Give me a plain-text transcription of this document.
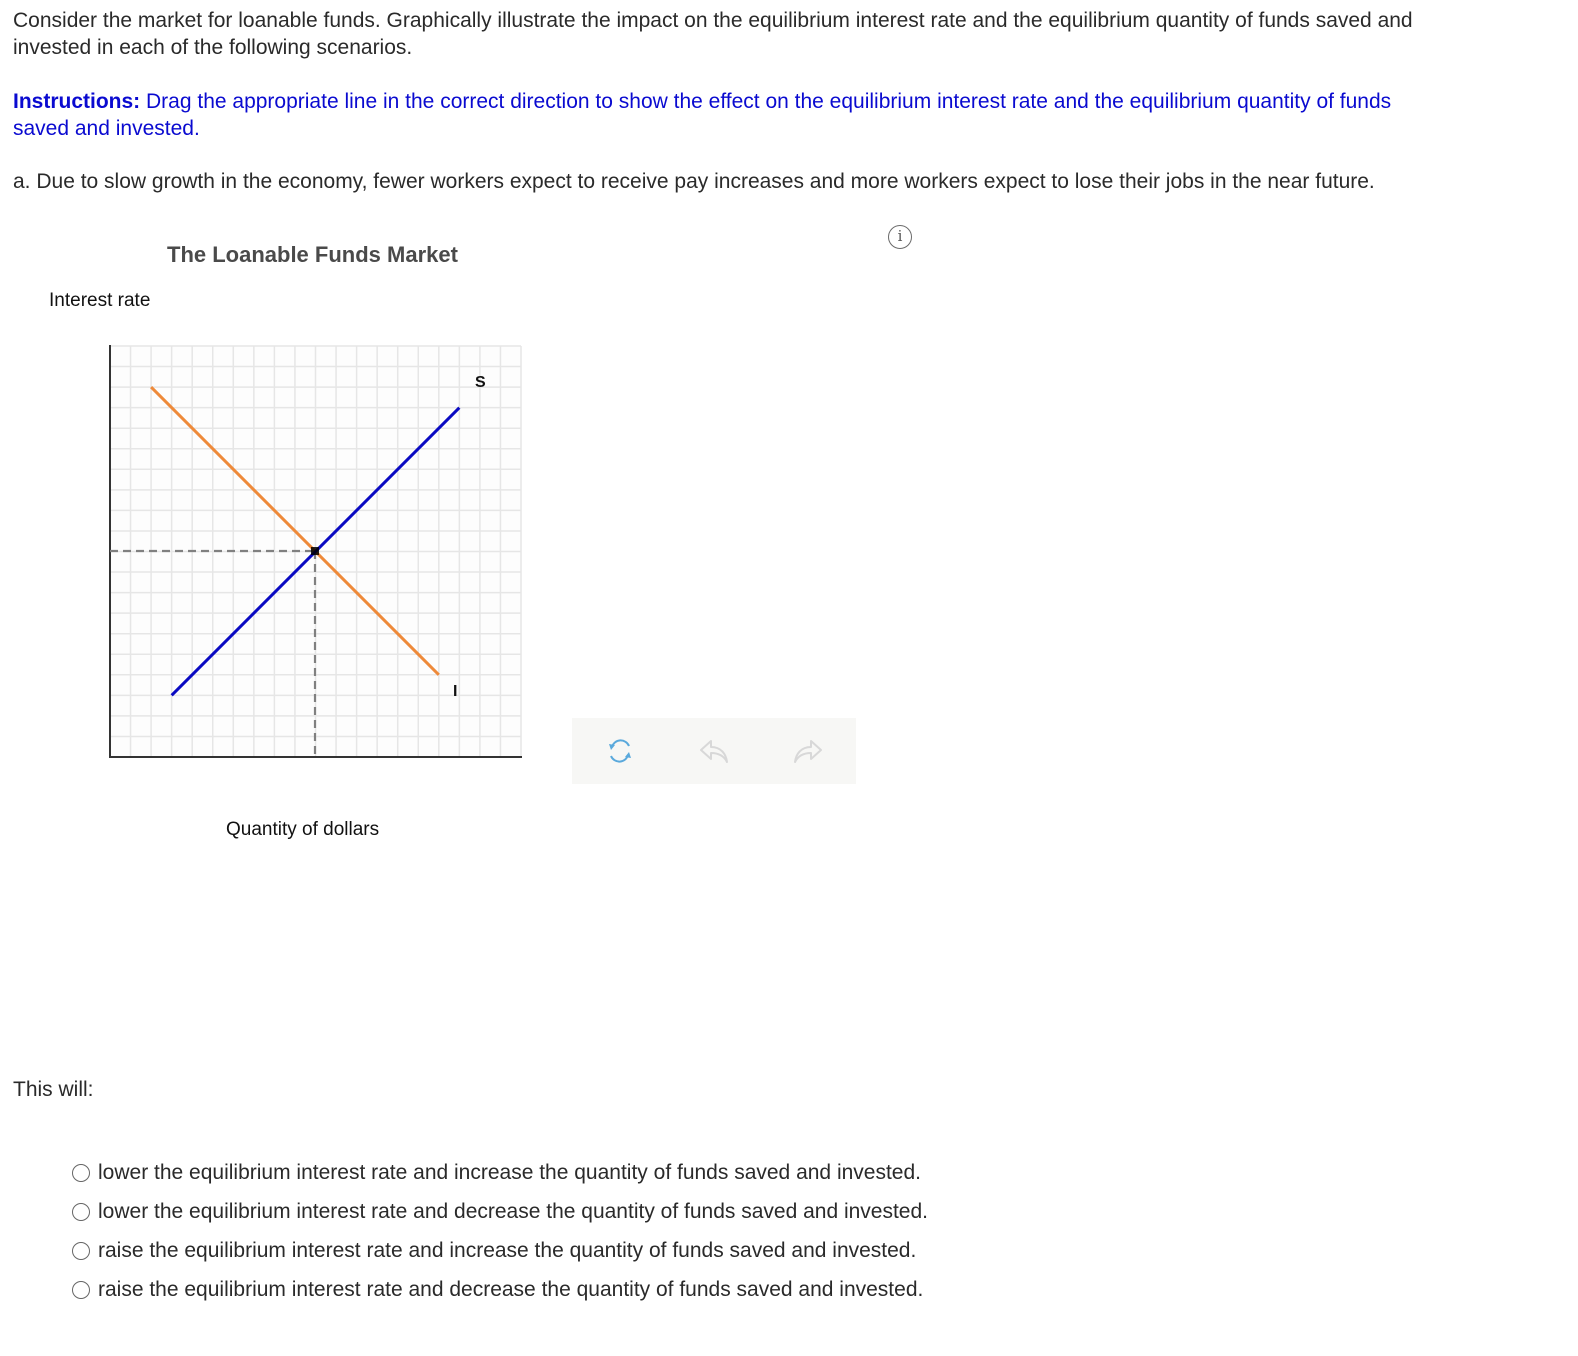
Consider the market for loanable funds. Graphically illustrate the impact on the equilibrium interest rate and the equilibrium quantity of funds saved and invested in each of the following scenarios.
Instructions: Drag the appropriate line in the correct direction to show the effect on the equilibrium interest rate and the equilibrium quantity of funds saved and invested.
a. Due to slow growth in the economy, fewer workers expect to receive pay increases and more workers expect to lose their jobs in the near future.
i
The Loanable Funds Market
Interest rate
Quantity of dollars
S
I
This will:
lower the equilibrium interest rate and increase the quantity of funds saved and invested.
lower the equilibrium interest rate and decrease the quantity of funds saved and invested.
raise the equilibrium interest rate and increase the quantity of funds saved and invested.
raise the equilibrium interest rate and decrease the quantity of funds saved and invested.
